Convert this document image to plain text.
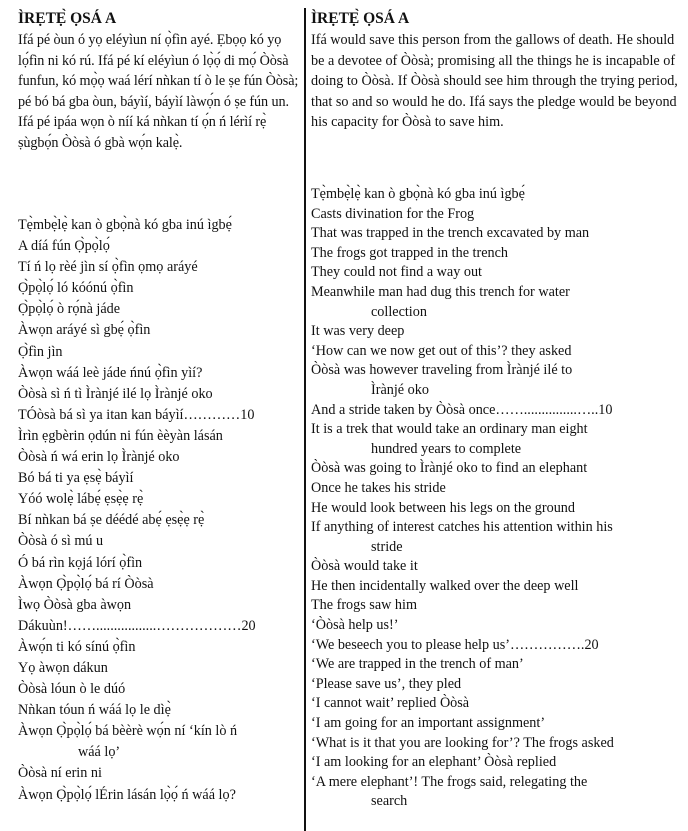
ÌRẸTẸ̀ ỌSÁ A

Ifá pé òun ó yọ eléyìun ní ọ̀fìn ayé. Ẹbọọ kó yọ lọ́fìn ni kó rú. Ifá pé kí eléyìun ó lọ̀ọ́ di mọ́ Òòsà funfun, kó mọ̀ọ waá lérí nǹkan tí ò le ṣe fún Òòsà; pé bó bá gba òun, báyìí, báyìí làwọ́n ó ṣe fún un. Ifá pé ipáa wọn ò níí ká nǹkan tí ọ́n ń lérìí rẹ̀ ṣùgbọ́n Òòsà ó gbà wọ́n kalẹ̀.

Tẹ̀mbẹ̀lẹ̀ kan ò gbọ̀nà kó gba inú ìgbẹ́
A díá fún Ọ̀pọ̀lọ́
Tí ń lọ rèé jìn sí ọ̀fìn ọmọ aráyé
Ọ̀pọ̀lọ́ ló kóónú ọ̀fìn
Ọ̀pọ̀lọ́ ò rọ́nà jáde
Àwọn aráyé sì gbẹ́ ọ̀fìn
Ọ̀fìn jìn
Àwọn wáá leè jáde ńnú ọ̀fìn yìí?
Òòsà sì ń tì Ìrànjé ilé lọ Ìrànjé oko
TÓòsà bá sì ya itan kan báyìí…………10
Ìrìn ẹgbèrin ọdún ni fún èèyàn lásán
Òòsà ń wá erin lọ Ìrànjé oko
Bó bá ti ya ẹsẹ̀ báyìí
Yóó wolẹ̀ lábẹ́ ẹsẹ̀ẹ rẹ̀
Bí nǹkan bá ṣe déédé abẹ́ ẹsẹ̀ẹ rẹ̀
Òòsà ó sì mú u
Ó bá rìn kọjá lórí ọ̀fìn
Àwọn Ọ̀pọ̀lọ́ bá rí Òòsà
Ìwọ Òòsà gba àwọn
Dákuùn!…….................………………20
Àwọ́n ti kó sínú ọ̀fìn
Yọ àwọn dákun
Òòsà lóun ò le dúó
Nǹkan tóun ń wáá lọ le dìẹ̀
Àwọn Ọ̀pọ̀lọ́ bá bèèrè wọ́n ní ‘kín lò ń
wáá lọ’
Òòsà ní erin ni
Àwọn Ọ̀pọ̀lọ́ lÉrin lásán lọ̀ọ́ ń wáá lọ?
ÌRẸTẸ̀ ỌSÁ A

Ifá would save this person from the gallows of death. He should be a devotee of Òòsà; promising all the things he is incapable of doing to Òòsà. If Òòsà should see him through the trying period, that so and so would he do. Ifá says the pledge would be beyond his capacity for Òòsà to save him.

Tẹ̀mbẹ̀lẹ̀ kan ò gbọ̀nà kó gba inú ìgbẹ́
Casts divination for the Frog
That was trapped in the trench excavated by man
The frogs got trapped in the trench
They could not find a way out
Meanwhile man had dug this trench for water
collection
It was very deep
‘How can we now get out of this’? they asked
Òòsà was however traveling from Ìrànjé ilé to
Ìrànjé oko
And a stride taken by Òòsà once……...............…..10
It is a trek that would take an ordinary man eight
hundred years to complete
Òòsà was going to Ìrànjé oko to find an elephant
Once he takes his stride
He would look between his legs on the ground
If anything of interest catches his attention within his
stride
Òòsà would take it
He then incidentally walked over the deep well
The frogs saw him
‘Òòsà help us!’
‘We beseech you to please help us’…………….20
‘We are trapped in the trench of man’
‘Please save us’, they pled
‘I cannot wait’ replied Òòsà
‘I am going for an important assignment’
‘What is it that you are looking for’? The frogs asked
‘I am looking for an elephant’ Òòsà replied
‘A mere elephant’! The frogs said, relegating the
search
